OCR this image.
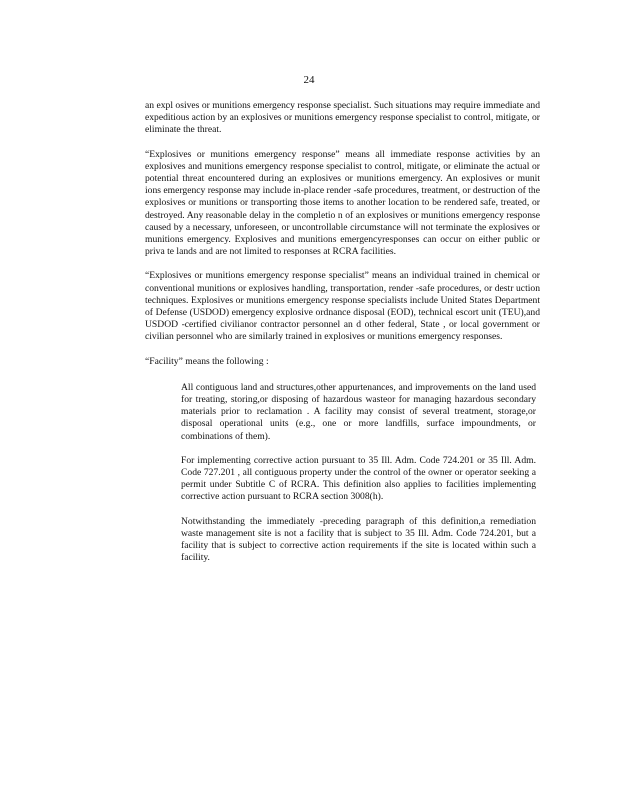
24

an expl osives or munitions emergency response specialist. Such situations may require immediate and expeditious action by an explosives or munitions emergency response specialist to control, mitigate, or eliminate the threat.

“Explosives or munitions emergency response” means all immediate response activities by an explosives and munitions emergency response specialist to control, mitigate, or eliminate the actual or potential threat encountered during an explosives or munitions emergency. An explosives or munit ions emergency response may include in-place render -safe procedures, treatment, or destruction of the explosives or munitions or transporting those items to another location to be rendered safe, treated, or destroyed. Any reasonable delay in the completio n of an explosives or munitions emergency response caused by a necessary, unforeseen, or uncontrollable circumstance will not terminate the explosives or munitions emergency. Explosives and munitions emergencyresponses can occur on either public or priva te lands and are not limited to responses at RCRA facilities.

“Explosives or munitions emergency response specialist” means an individual trained in chemical or conventional munitions or explosives handling, transportation, render -safe procedures, or destr uction techniques. Explosives or munitions emergency response specialists include United States Department of Defense (USDOD) emergency explosive ordnance disposal (EOD), technical escort unit (TEU),and USDOD -certified civilianor contractor personnel an d other federal, State , or local government or civilian personnel who are similarly trained in explosives or munitions emergency responses.

“Facility” means the following :

All contiguous land and structures,other appurtenances, and improvements on the land used for treating, storing,or disposing of hazardous wasteor for managing hazardous secondary materials prior to reclamation . A facility may consist of several treatment, storage,or disposal operational units (e.g., one or more landfills, surface impoundments, or combinations of them).

For implementing corrective action pursuant to 35 Ill. Adm. Code 724.201 or 35 Ill. Adm. Code 727.201 , all contiguous property under the control of the owner or operator seeking a permit under Subtitle C of RCRA. This definition also applies to facilities implementing corrective action pursuant to RCRA section 3008(h).

Notwithstanding the immediately -preceding paragraph of this definition,a remediation waste management site is not a facility that is subject to 35 Ill. Adm. Code 724.201, but a facility that is subject to corrective action requirements if the site is located within such a facility.
